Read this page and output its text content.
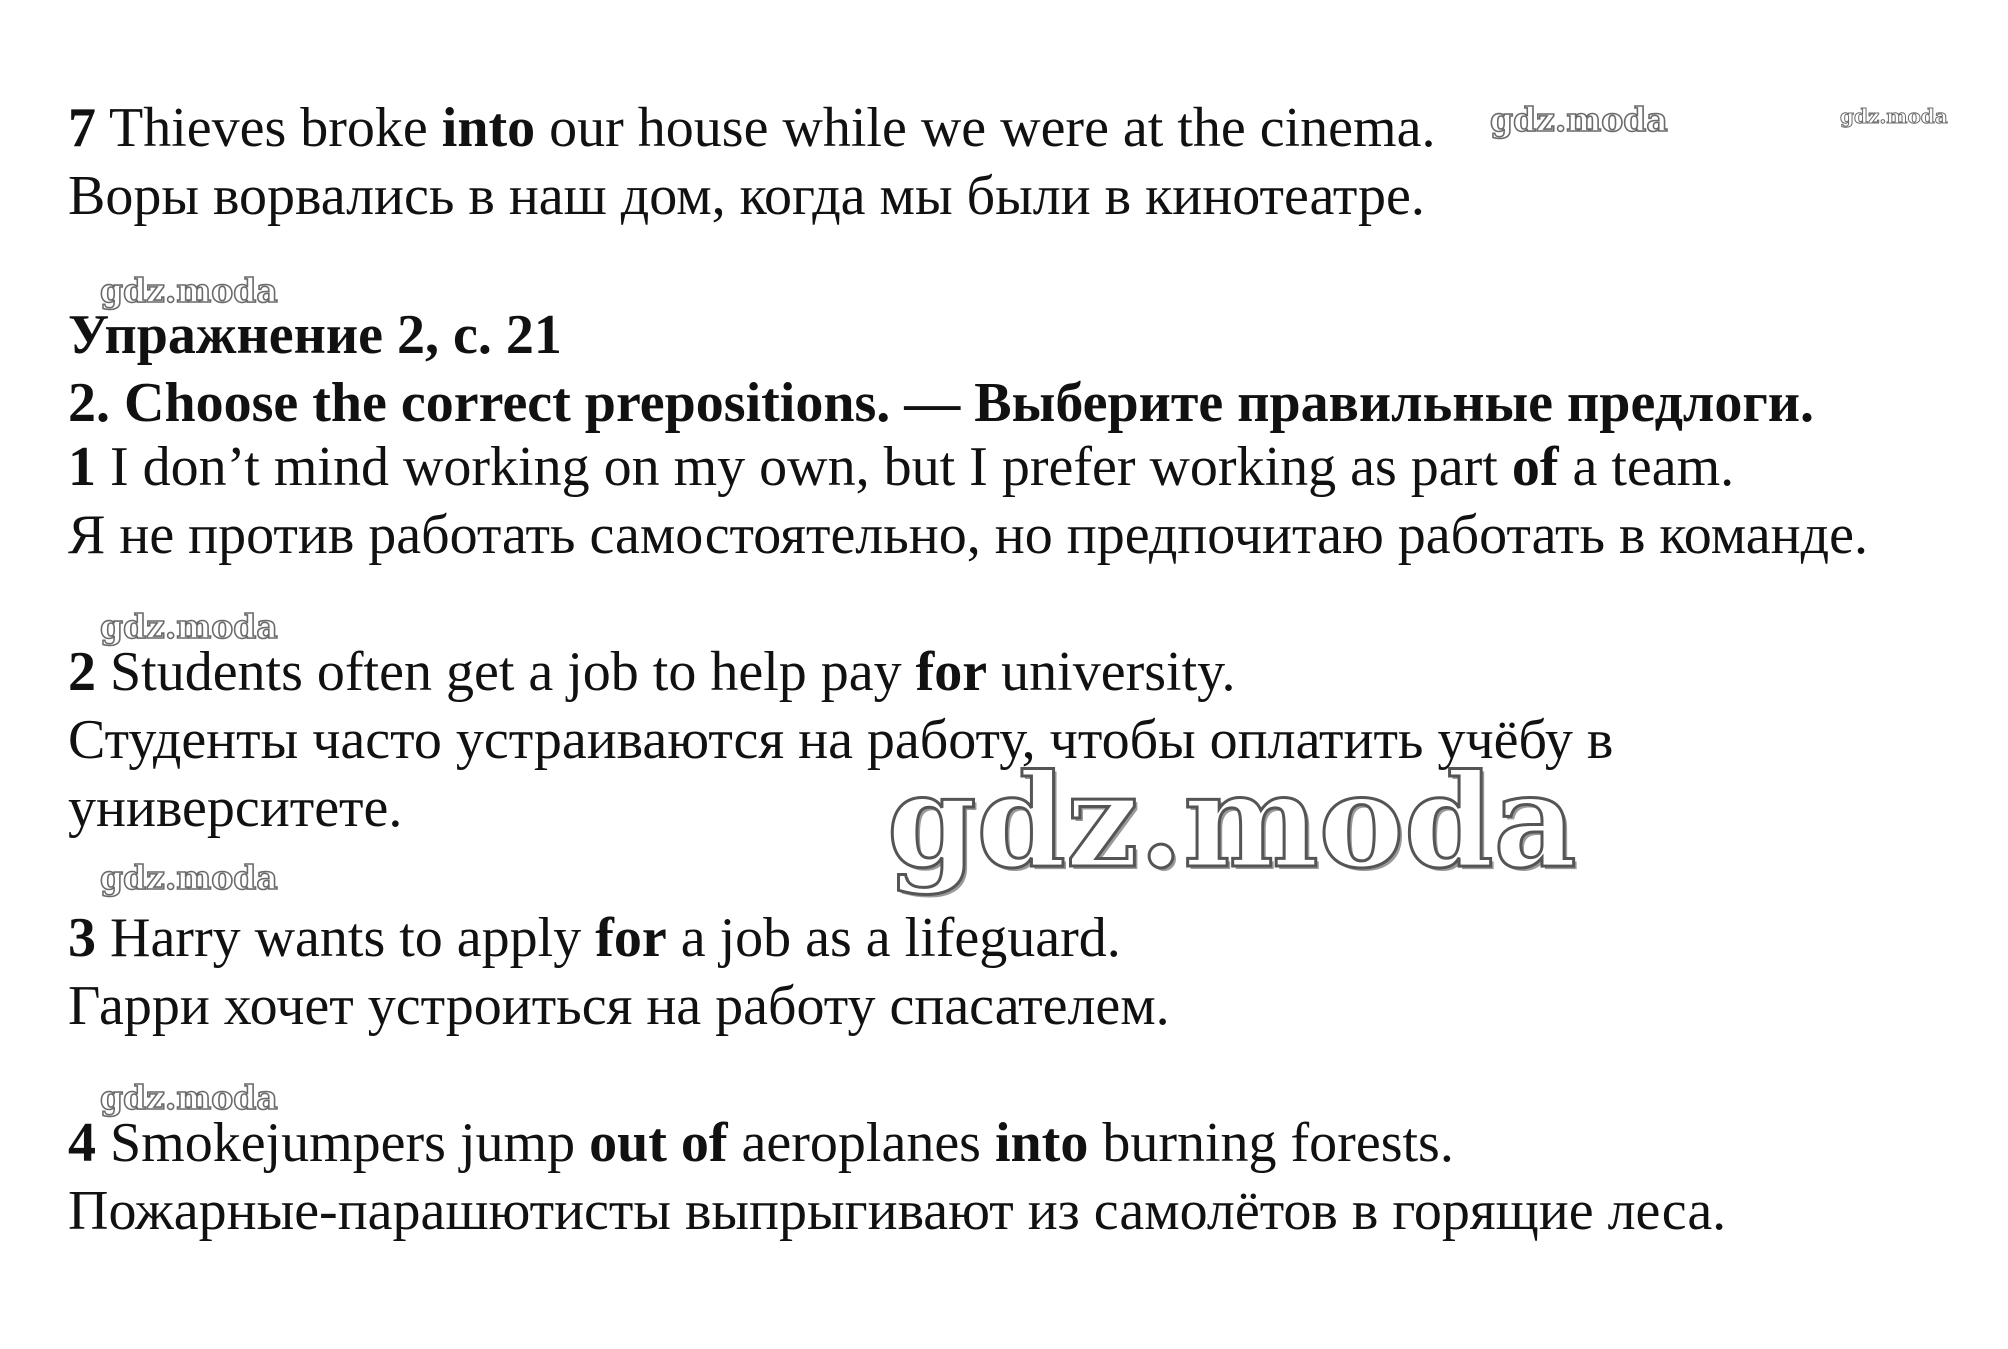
7 Thieves broke into our house while we were at the cinema.
Воры ворвались в наш дом, когда мы были в кинотеатре.
Упражнение 2, с. 21
2. Choose the correct prepositions. — Выберите правильные предлоги.
1 I don’t mind working on my own, but I prefer working as part of a team.
Я не против работать самостоятельно, но предпочитаю работать в команде.
2 Students often get a job to help pay for university.
Студенты часто устраиваются на работу, чтобы оплатить учёбу в
университете.
3 Harry wants to apply for a job as a lifeguard.
Гарри хочет устроиться на работу спасателем.
4 Smokejumpers jump out of aeroplanes into burning forests.
Пожарные-парашютисты выпрыгивают из самолётов в горящие леса.
gdz.moda	gdz.moda
gdz.moda
gdz.moda
gdz.moda
gdz.moda
gdz.moda
